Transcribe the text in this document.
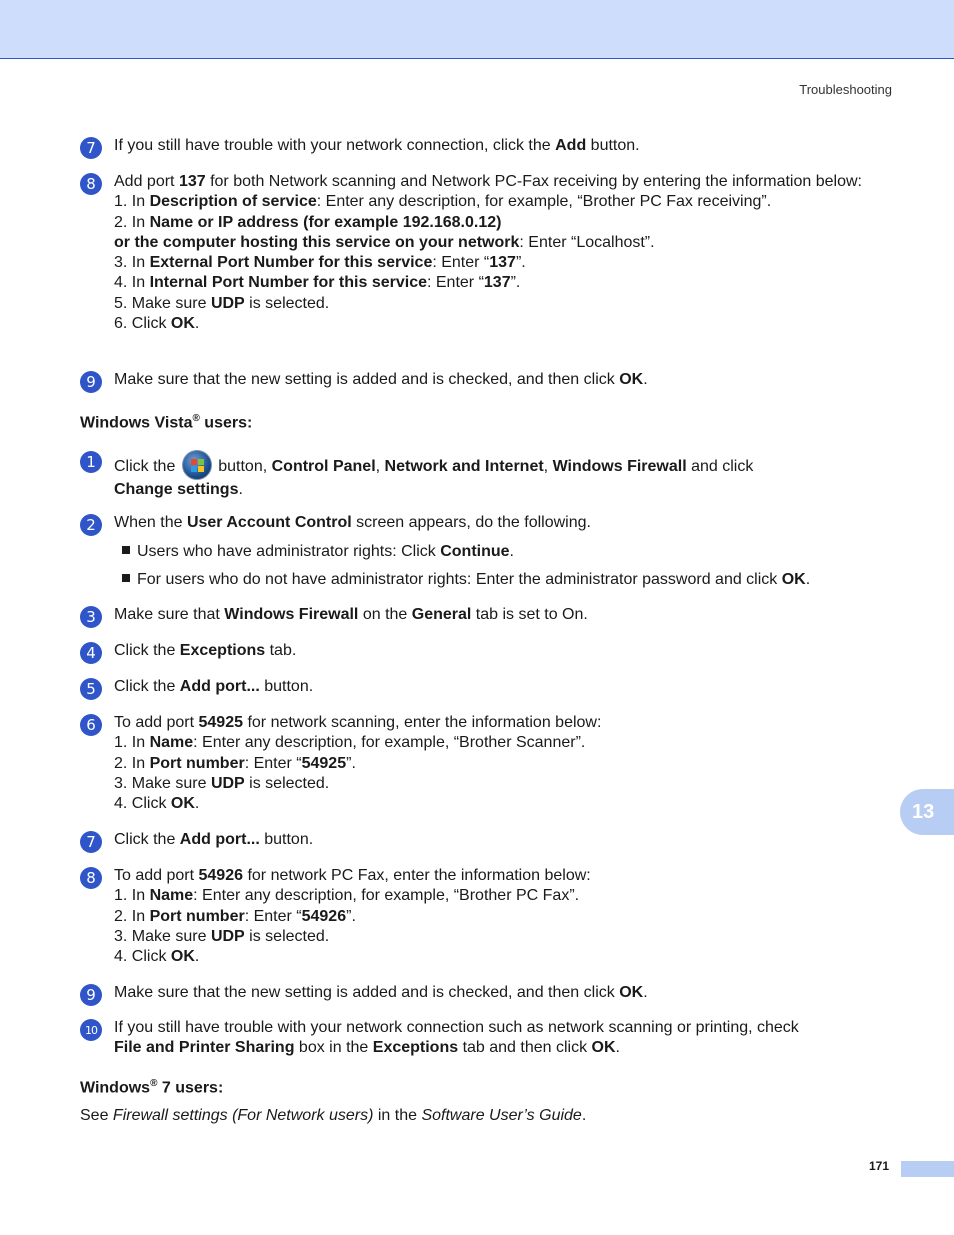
Troubleshooting
7	If you still have trouble with your network connection, click the Add button.

8	Add port 137 for both Network scanning and Network PC-Fax receiving by entering the information below:

1. In Description of service: Enter any description, for example, “Brother PC Fax receiving”.

2. In Name or IP address (for example 192.168.0.12)

or the computer hosting this service on your network: Enter “Localhost”.

3. In External Port Number for this service: Enter “137”.

4. In Internal Port Number for this service: Enter “137”.

5. Make sure UDP is selected.

6. Click OK.

9	Make sure that the new setting is added and is checked, and then click OK.

Windows Vista® users:
1	Click the
button, Control Panel, Network and Internet, Windows Firewall and click

Change settings.

2	When the User Account Control screen appears, do the following.

Users who have administrator rights: Click Continue.
For users who do not have administrator rights: Enter the administrator password and click OK.
3	Make sure that Windows Firewall on the General tab is set to On.

4	Click the Exceptions tab.

5	Click the Add port... button.

6	To add port 54925 for network scanning, enter the information below:

1. In Name: Enter any description, for example, “Brother Scanner”.

2. In Port number: Enter “54925”.

3. Make sure UDP is selected.

4. Click OK.

7	Click the Add port... button.

8	To add port 54926 for network PC Fax, enter the information below:

1. In Name: Enter any description, for example, “Brother PC Fax”.

2. In Port number: Enter “54926”.

3. Make sure UDP is selected.

4. Click OK.

9	Make sure that the new setting is added and is checked, and then click OK.

10	If you still have trouble with your network connection such as network scanning or printing, check

File and Printer Sharing box in the Exceptions tab and then click OK.

Windows® 7 users:
See Firewall settings (For Network users) in the Software User’s Guide.
13
171
